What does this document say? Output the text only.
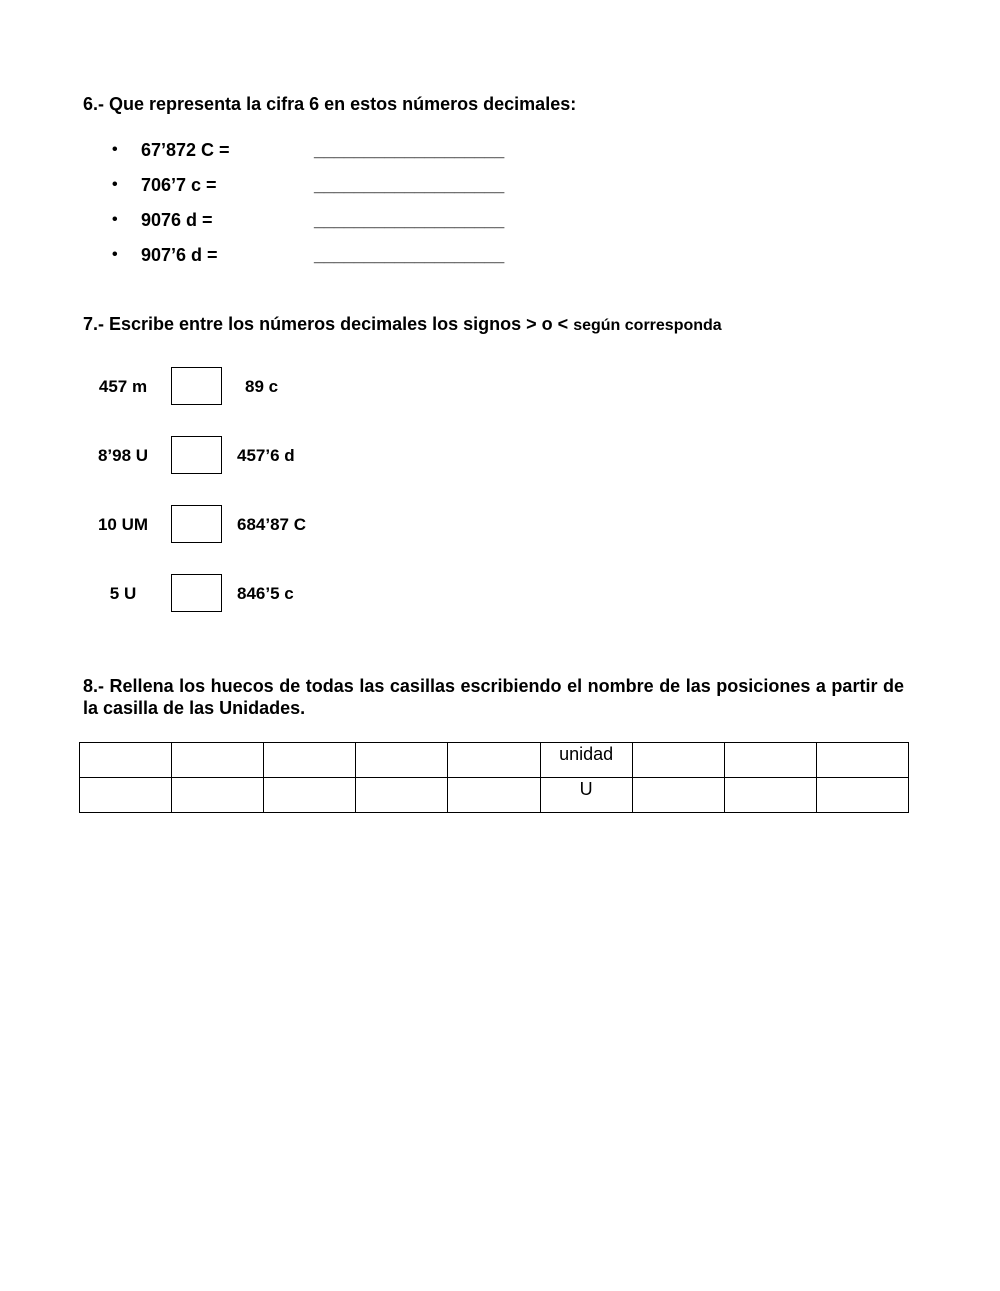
6.- Que representa la cifra 6 en estos números decimales:
• 67’872 C =	___________________
• 706’7 c =	___________________
• 9076 d =	___________________
• 907’6 d =	___________________
7.- Escribe entre los números decimales los signos > o < según corresponda
457 m	89 c
8’98 U	457’6 d
10 UM	684’87 C
5 U	846’5 c
8.- Rellena los huecos de todas las casillas escribiendo el nombre de las posiciones a partir de la casilla de las Unidades.
					unidad			
					U			
